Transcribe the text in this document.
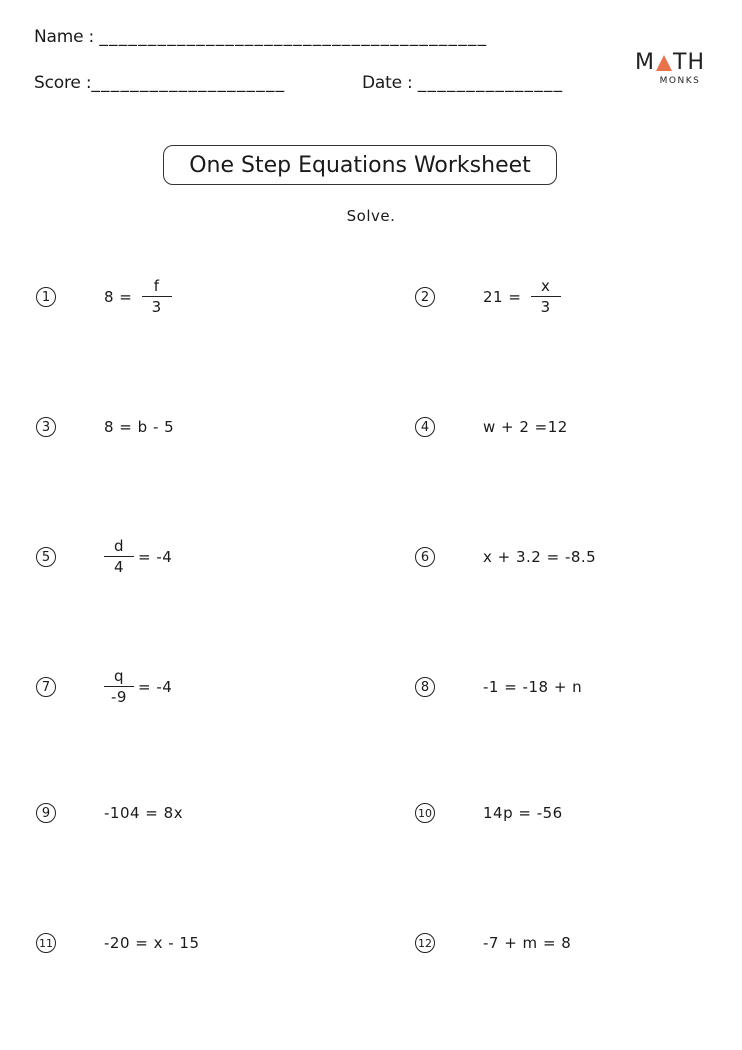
Name : ________________________________________
Score :____________________	Date : _______________
M TH
MONKS
One Step Equations Worksheet
Solve.
1	$8 = \frac{f}{3}$	2	$21 = \frac{x}{3}$
3	8 = b - 5	4	w + 2 =12
5	$\frac{d}{4} = -4$	6	x + 3.2 = -8.5
7	$\frac{q}{-9} = -4$	8	-1 = -18 + n
9	-104 = 8x	10	14p = -56
11	-20 = x - 15	12	-7 + m = 8
